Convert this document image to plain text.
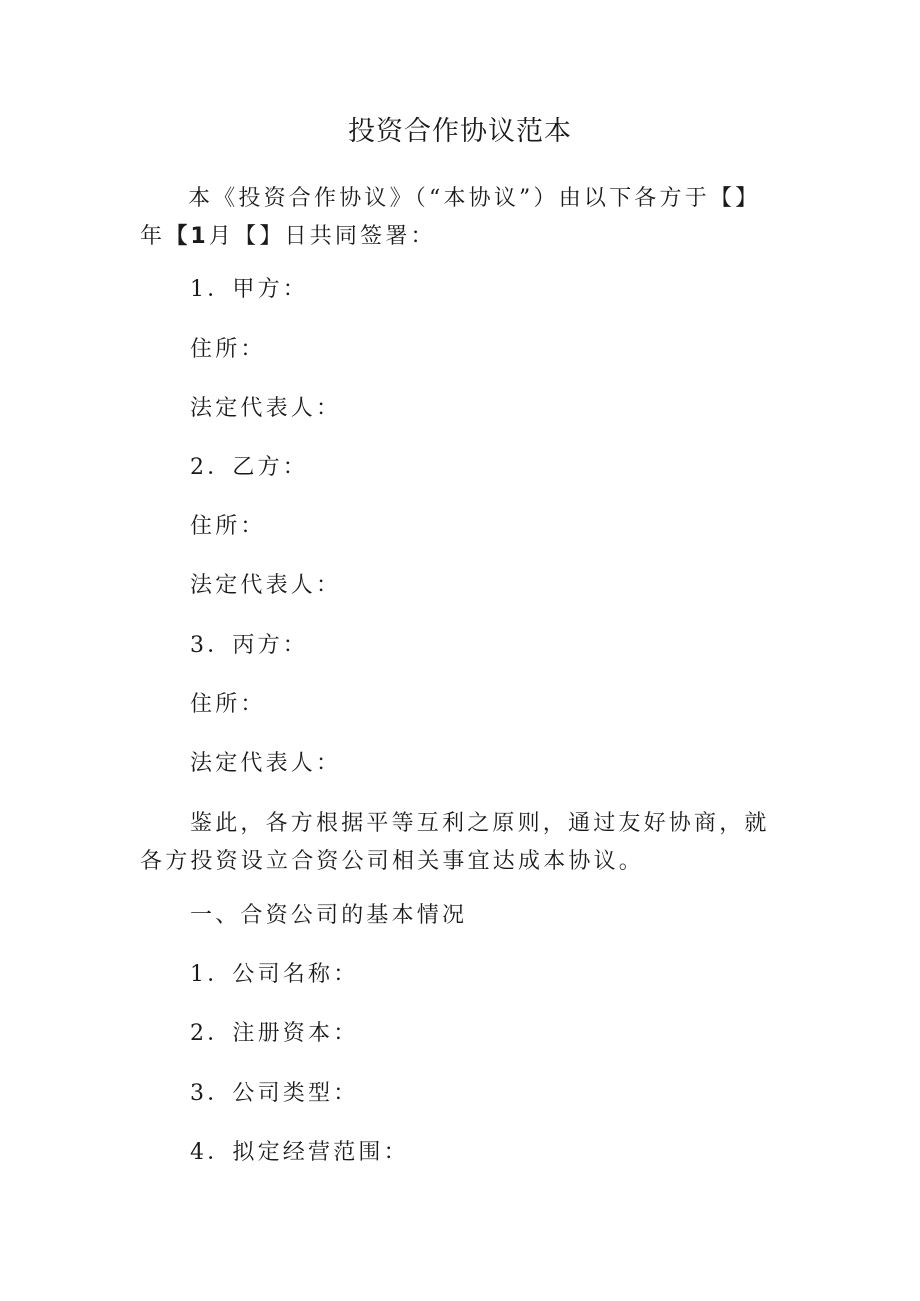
投资合作协议范本

本《投资合作协议》（“本协议”）由以下各方于【】年【1月【】日共同签署：

1．甲方：

住所：

法定代表人：

2．乙方：

住所：

法定代表人：

3．丙方：

住所：

法定代表人：

鉴此，各方根据平等互利之原则，通过友好协商，就各方投资设立合资公司相关事宜达成本协议。

一、合资公司的基本情况

1．公司名称：

2．注册资本：

3．公司类型：

4．拟定经营范围：
